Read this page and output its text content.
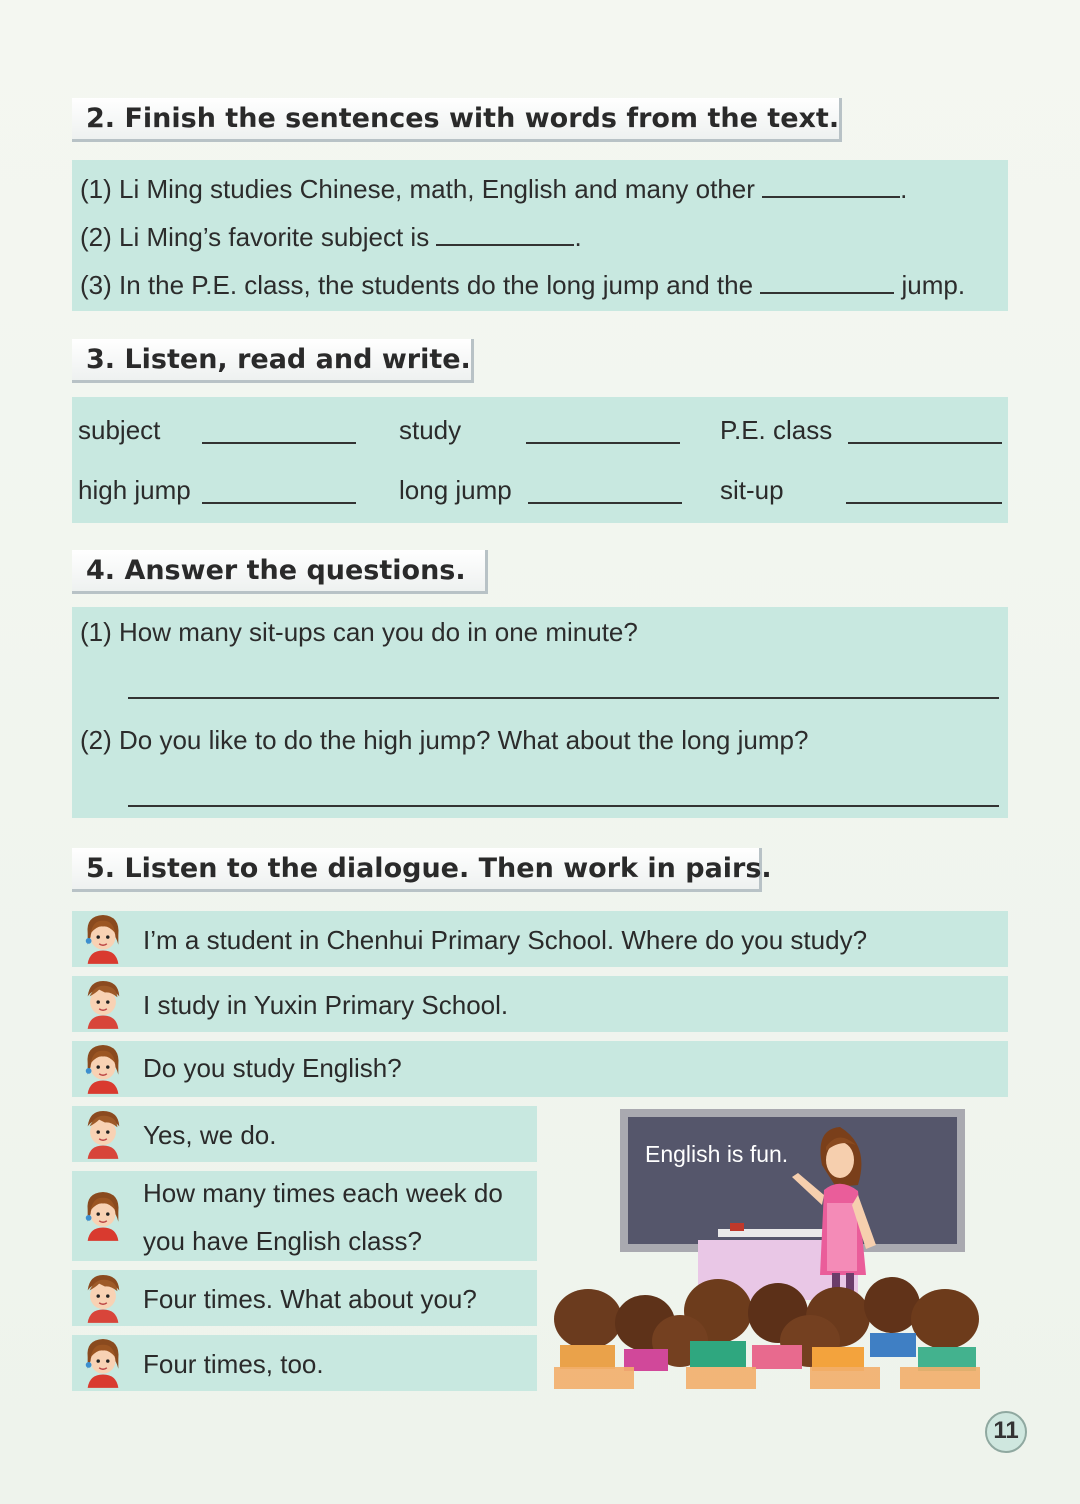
2. Finish the sentences with words from the text.
(1) Li Ming studies Chinese, math, English and many other	.
(2) Li Ming’s favorite subject is	.
(3) In the P.E. class, the students do the long jump and the	jump.
3. Listen, read and write.
subject	study	P.E. class
high jump	long jump	sit-up
4. Answer the questions.
(1) How many sit-ups can you do in one minute?
(2) Do you like to do the high jump? What about the long jump?
5. Listen to the dialogue. Then work in pairs.
I’m a student in Chenhui Primary School. Where do you study?
I study in Yuxin Primary School.
Do you study English?
Yes, we do.
How many times each week do
you have English class?
Four times. What about you?
Four times, too.
English is fun.
11
